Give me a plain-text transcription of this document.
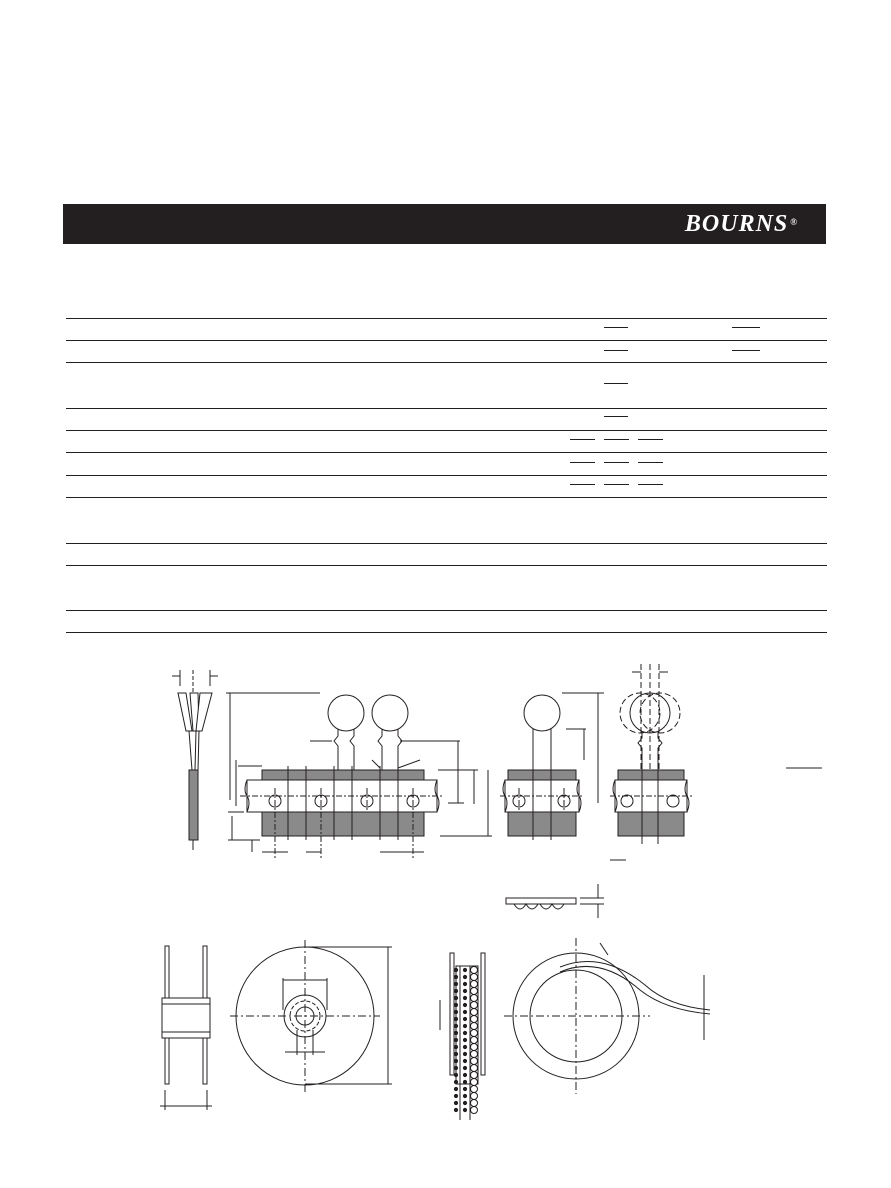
BOURNS ®
